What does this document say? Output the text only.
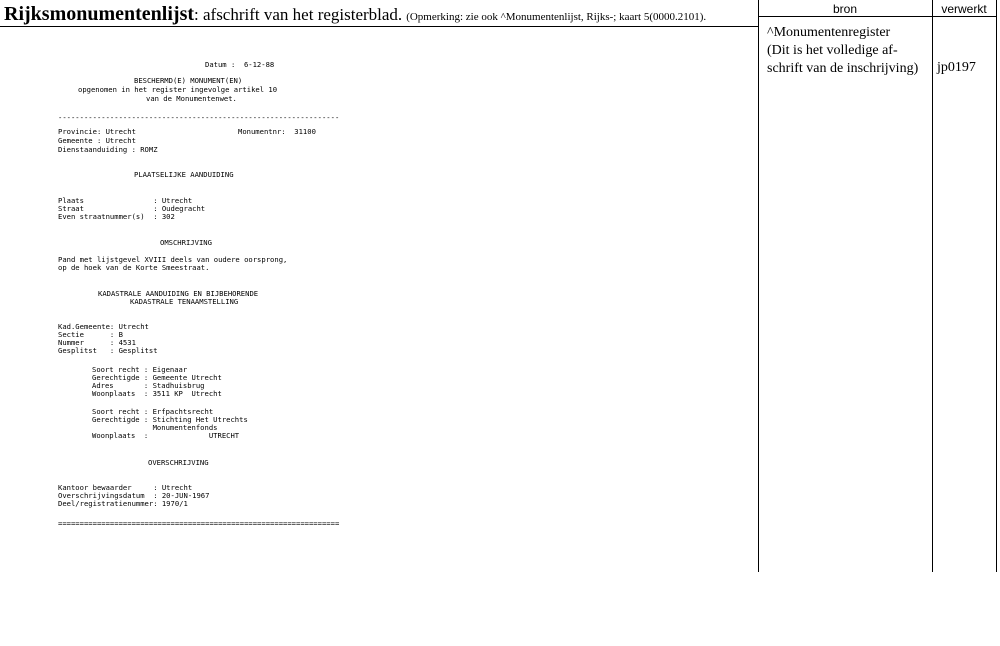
Rijksmonumentenlijst: afschrift van het registerblad. (Opmerking: zie ook ^Monumentenlijst, Rijks-; kaart 5(0000.2101).
bron	verwerkt
^Monumentenregister
(Dit is het volledige af-
schrift van de inschrijving)	jp0197
Datum :  6-12-88
BESCHERMD(E) MONUMENT(EN)
opgenomen in het register ingevolge artikel 10
van de Monumentenwet.
-----------------------------------------------------------------
Provincie: Utrecht	Monumentnr:  31100
Gemeente : Utrecht
Dienstaanduiding : ROMZ
PLAATSELIJKE AANDUIDING
Plaats                : Utrecht
Straat                : Oudegracht
Even straatnummer(s)  : 302
OMSCHRIJVING
Pand met lijstgevel XVIII deels van oudere oorsprong,
op de hoek van de Korte Smeestraat.
KADASTRALE AANDUIDING EN BIJBEHORENDE
KADASTRALE TENAAMSTELLING
Kad.Gemeente: Utrecht
Sectie      : B
Nummer      : 4531
Gesplitst   : Gesplitst
Soort recht : Eigenaar
Gerechtigde : Gemeente Utrecht
Adres       : Stadhuisbrug
Woonplaats  : 3511 KP  Utrecht
Soort recht : Erfpachtsrecht
Gerechtigde : Stichting Het Utrechts
Monumentenfonds
Woonplaats  :              UTRECHT
OVERSCHRIJVING
Kantoor bewaarder     : Utrecht
Overschrijvingsdatum  : 20-JUN-1967
Deel/registratienummer: 1970/1
=================================================================
